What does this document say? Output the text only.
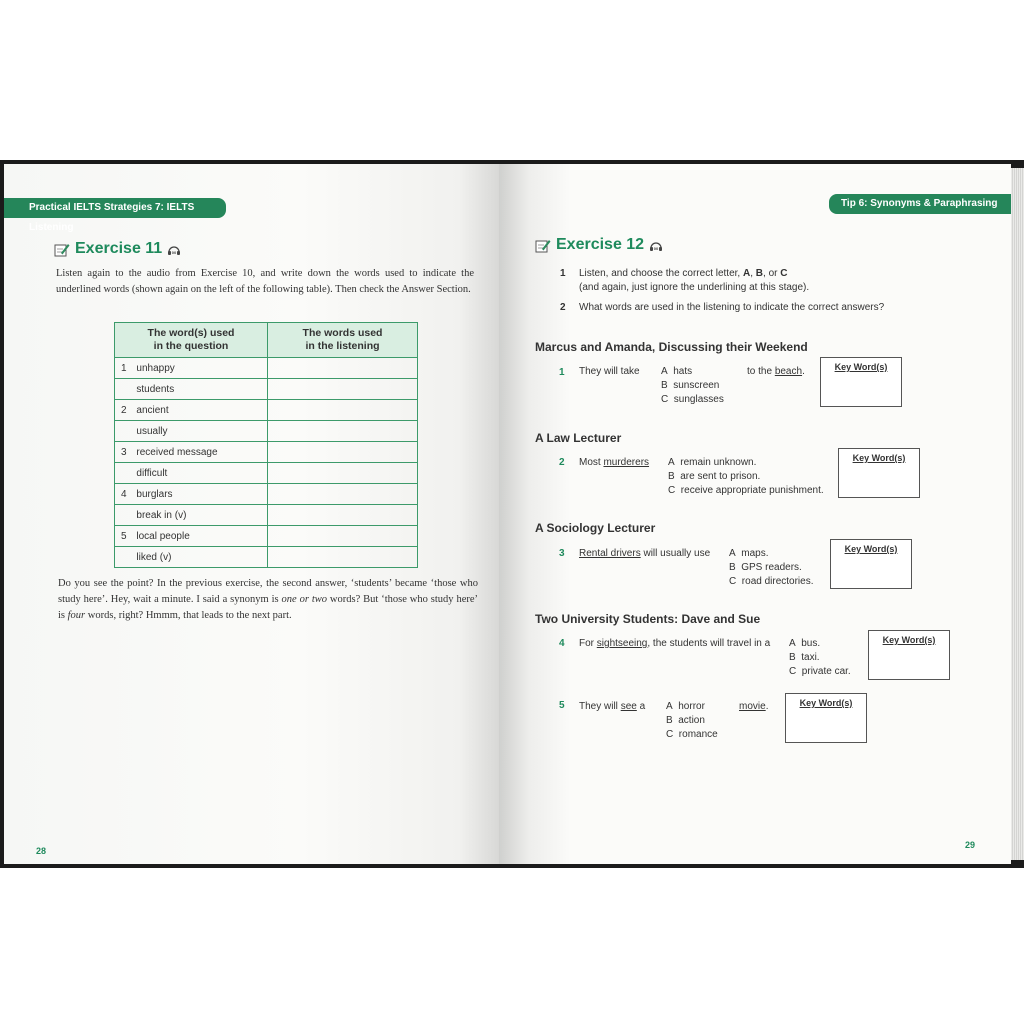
Practical IELTS Strategies 7: IELTS Listening
Exercise 11 00
Listen again to the audio from Exercise 10, and write down the words used to indicate the underlined words (shown again on the left of the following table). Then check the Answer Section.
The word(s) used
in the question		The words used
in the listening
1	unhappy	
	students	
2	ancient	
	usually	
3	received message	
	difficult	
4	burglars	
	break in (v)	
5	local people	
	liked (v)	
Do you see the point? In the previous exercise, the second answer, ‘students’ became ‘those who study here’. Hey, wait a minute. I said a synonym is one or two words? But ‘those who study here’ is four words, right? Hmmm, that leads to the next part.
28
Tip 6: Synonyms & Paraphrasing
Exercise 12 00
1 Listen, and choose the correct letter, A, B, or C
(and again, just ignore the underlining at this stage).
2 What words are used in the listening to indicate the correct answers?
Marcus and Amanda, Discussing their Weekend
1 They will take A hats
B sunscreen
C sunglasses
to the beach.	Key Word(s)
A Law Lecturer
2 Most murderers A remain unknown.
B are sent to prison.
C receive appropriate punishment.
Key Word(s)
A Sociology Lecturer
3 Rental drivers will usually use A maps.
B GPS readers.
C road directories.
Key Word(s)
Two University Students: Dave and Sue
4 For sightseeing, the students will travel in a A bus.
B taxi.
C private car.
Key Word(s)
5 They will see a A horror
B action
C romance
movie.	Key Word(s)
29
